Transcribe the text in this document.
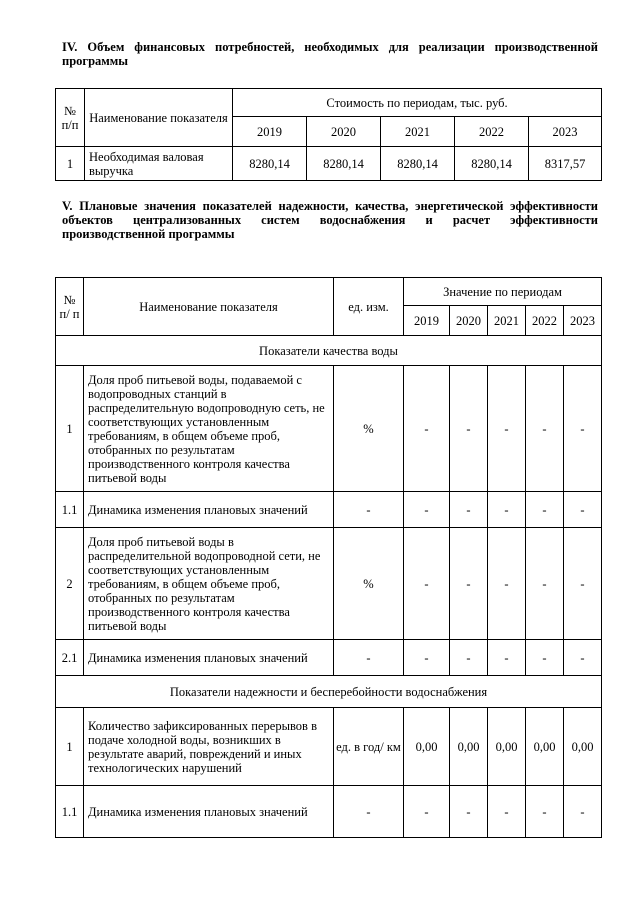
IV. Объем финансовых потребностей, необходимых для реализации производственной программы
№ п/п	Наименование показателя	Стоимость по периодам, тыс. руб.				
		2019	2020	2021	2022	2023
1	Необходимая валовая выручка	8280,14	8280,14	8280,14	8280,14	8317,57
V. Плановые значения показателей надежности, качества, энергетической эффективности объектов централизованных систем водоснабжения и расчет эффективности производственной программы
№ п/ п	Наименование показателя	ед. изм.	Значение по периодам				
			2019	2020	2021	2022	2023
Показатели качества воды							
1	Доля проб питьевой воды, подаваемой с водопроводных станций в распределительную водопроводную сеть, не соответствующих установленным требованиям, в общем объеме проб, отобранных по результатам производственного контроля качества питьевой воды	%	-	-	-	-	-
1.1	Динамика изменения плановых значений	-	-	-	-	-	-
2	Доля проб питьевой воды в распределительной водопроводной сети, не соответствующих установленным требованиям, в общем объеме проб, отобранных по результатам производственного контроля качества питьевой воды	%	-	-	-	-	-
2.1	Динамика изменения плановых значений	-	-	-	-	-	-
Показатели надежности и бесперебойности водоснабжения							
1	Количество зафиксированных перерывов в подаче холодной воды, возникших в результате аварий, повреждений и иных технологических нарушений	ед. в год/ км	0,00	0,00	0,00	0,00	0,00
1.1	Динамика изменения плановых значений	-	-	-	-	-	-
